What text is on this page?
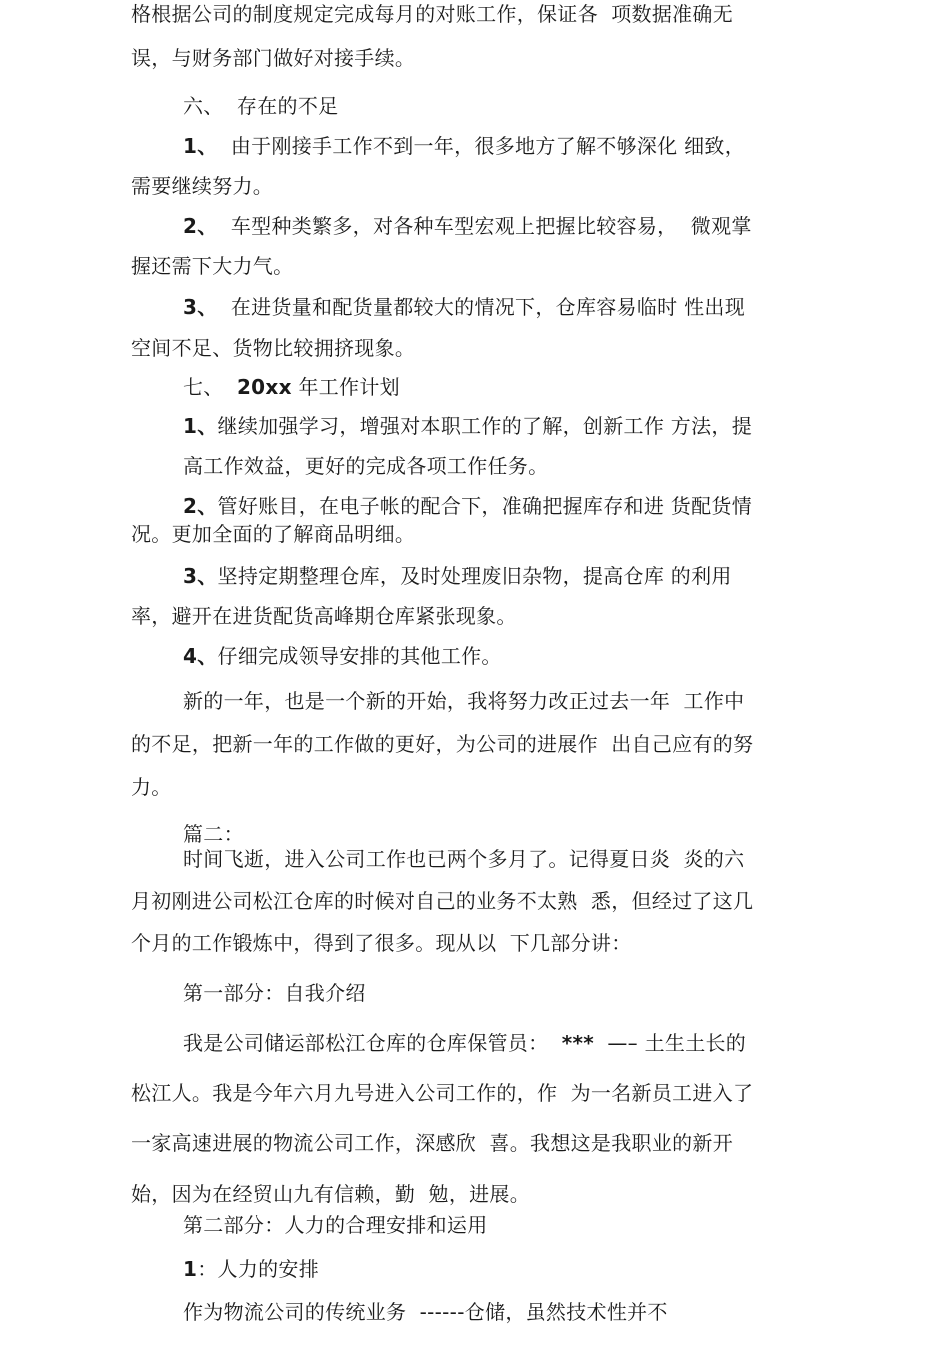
格根据公司的制度规定完成每月的对账工作，保证各  项数据准确无
误，与财务部门做好对接手续。
六、  存在的不足
1、 由于刚接手工作不到一年，很多地方了解不够深化 细致，
需要继续努力。
2、 车型种类繁多，对各种车型宏观上把握比较容易，  微观掌
握还需下大力气。
3、 在进货量和配货量都较大的情况下，仓库容易临时 性出现
空间不足、货物比较拥挤现象。
七、 20xx 年工作计划
1、继续加强学习，增强对本职工作的了解，创新工作 方法，提
高工作效益，更好的完成各项工作任务。
2、管好账目，在电子帐的配合下，准确把握库存和进 货配货情
况。更加全面的了解商品明细。
3、坚持定期整理仓库，及时处理废旧杂物，提高仓库 的利用
率，避开在进货配货高峰期仓库紧张现象。
4、仔细完成领导安排的其他工作。
新的一年，也是一个新的开始，我将努力改正过去一年  工作中
的不足，把新一年的工作做的更好，为公司的进展作  出自己应有的努
力。
篇二：
时间飞逝，进入公司工作也已两个多月了。记得夏日炎  炎的六
月初刚进公司松江仓库的时候对自己的业务不太熟  悉，但经过了这几
个月的工作锻炼中，得到了很多。现从以  下几部分讲：
第一部分：自我介绍
我是公司储运部松江仓库的仓库保管员： *** —– 土生土长的
松江人。我是今年六月九号进入公司工作的，作  为一名新员工进入了
一家高速进展的物流公司工作，深感欣  喜。我想这是我职业的新开
始，因为在经贸山九有信赖，勤  勉，进展。
第二部分：人力的合理安排和运用
1：人力的安排
作为物流公司的传统业务  ------仓储，虽然技术性并不
